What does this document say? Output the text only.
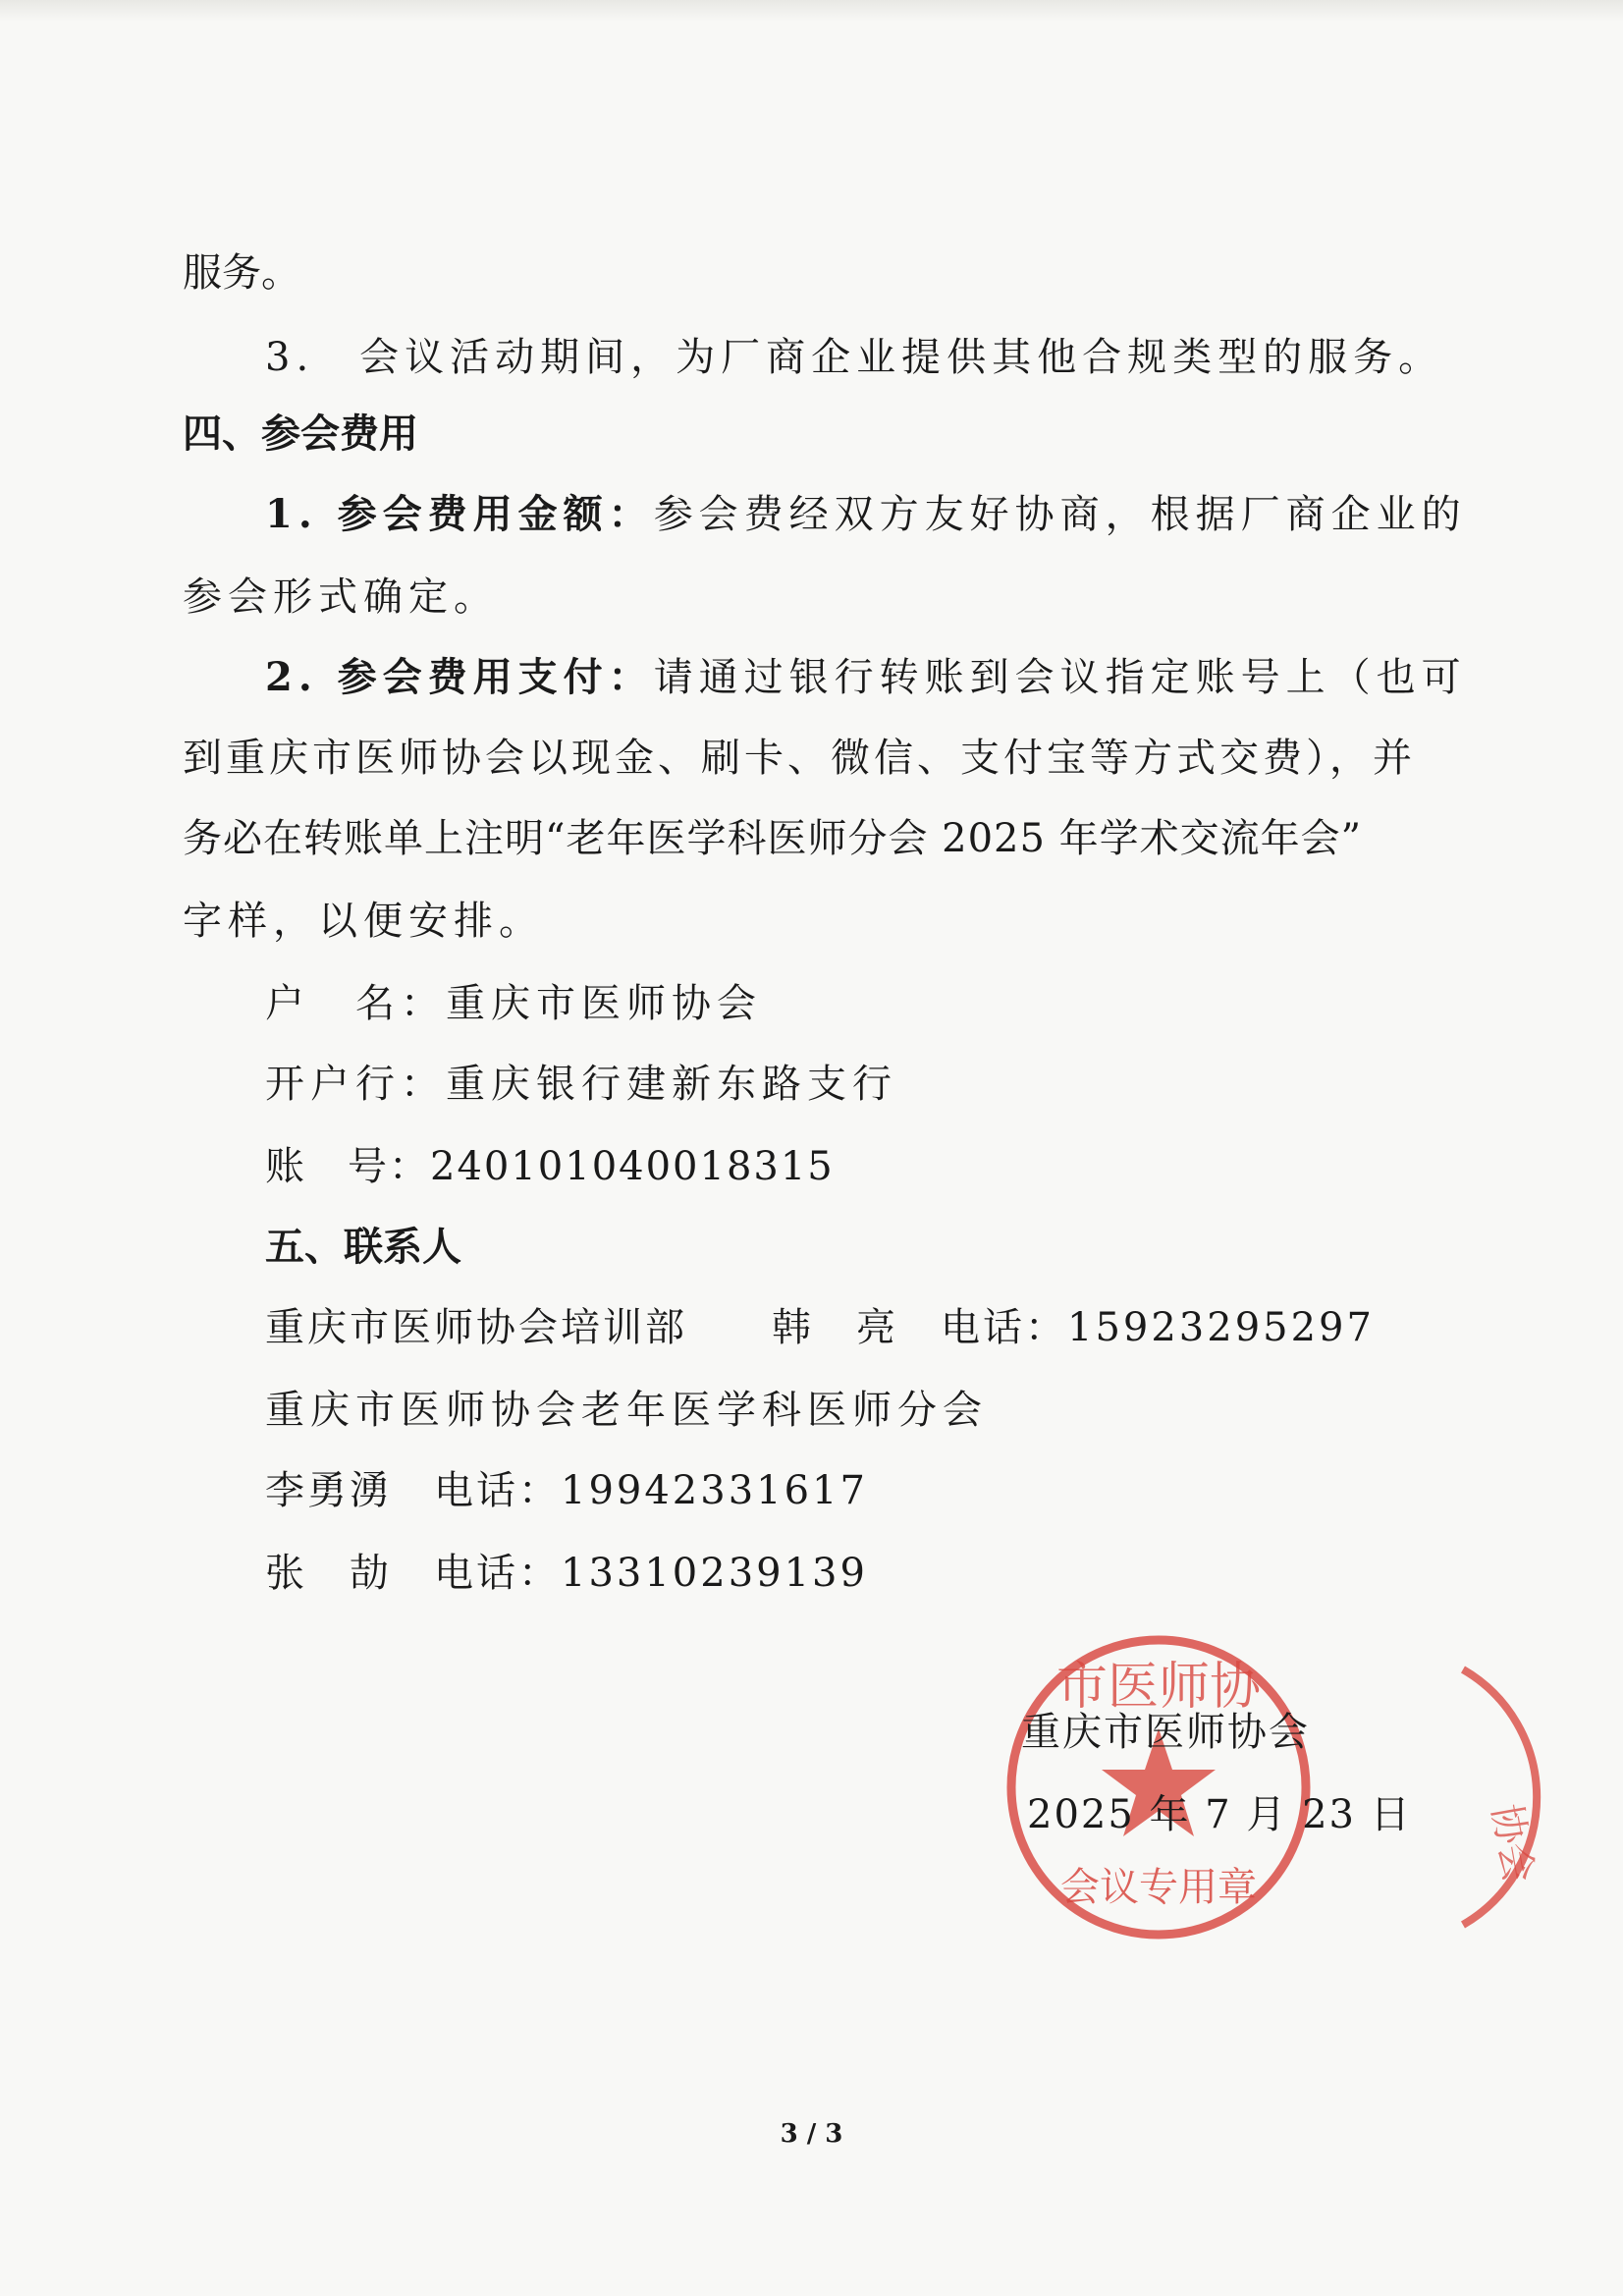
服务。
3.　会议活动期间，为厂商企业提供其他合规类型的服务。
四、参会费用
1. 参会费用金额：参会费经双方友好协商，根据厂商企业的
参会形式确定。
2. 参会费用支付：请通过银行转账到会议指定账号上（也可
到重庆市医师协会以现金、刷卡、微信、支付宝等方式交费），并
务必在转账单上注明“老年医学科医师分会 2025 年学术交流年会”
字样，以便安排。
户　名：重庆市医师协会
开户行：重庆银行建新东路支行
账　号：240101040018315
五、联系人
重庆市医师协会培训部　　韩　亮　电话：15923295297
重庆市医师协会老年医学科医师分会
李勇湧　电话：19942331617
张　劼　电话：13310239139
市医师协
会议专用章
协会
重庆市医师协会
2025 年 7 月 23 日
3 / 3
